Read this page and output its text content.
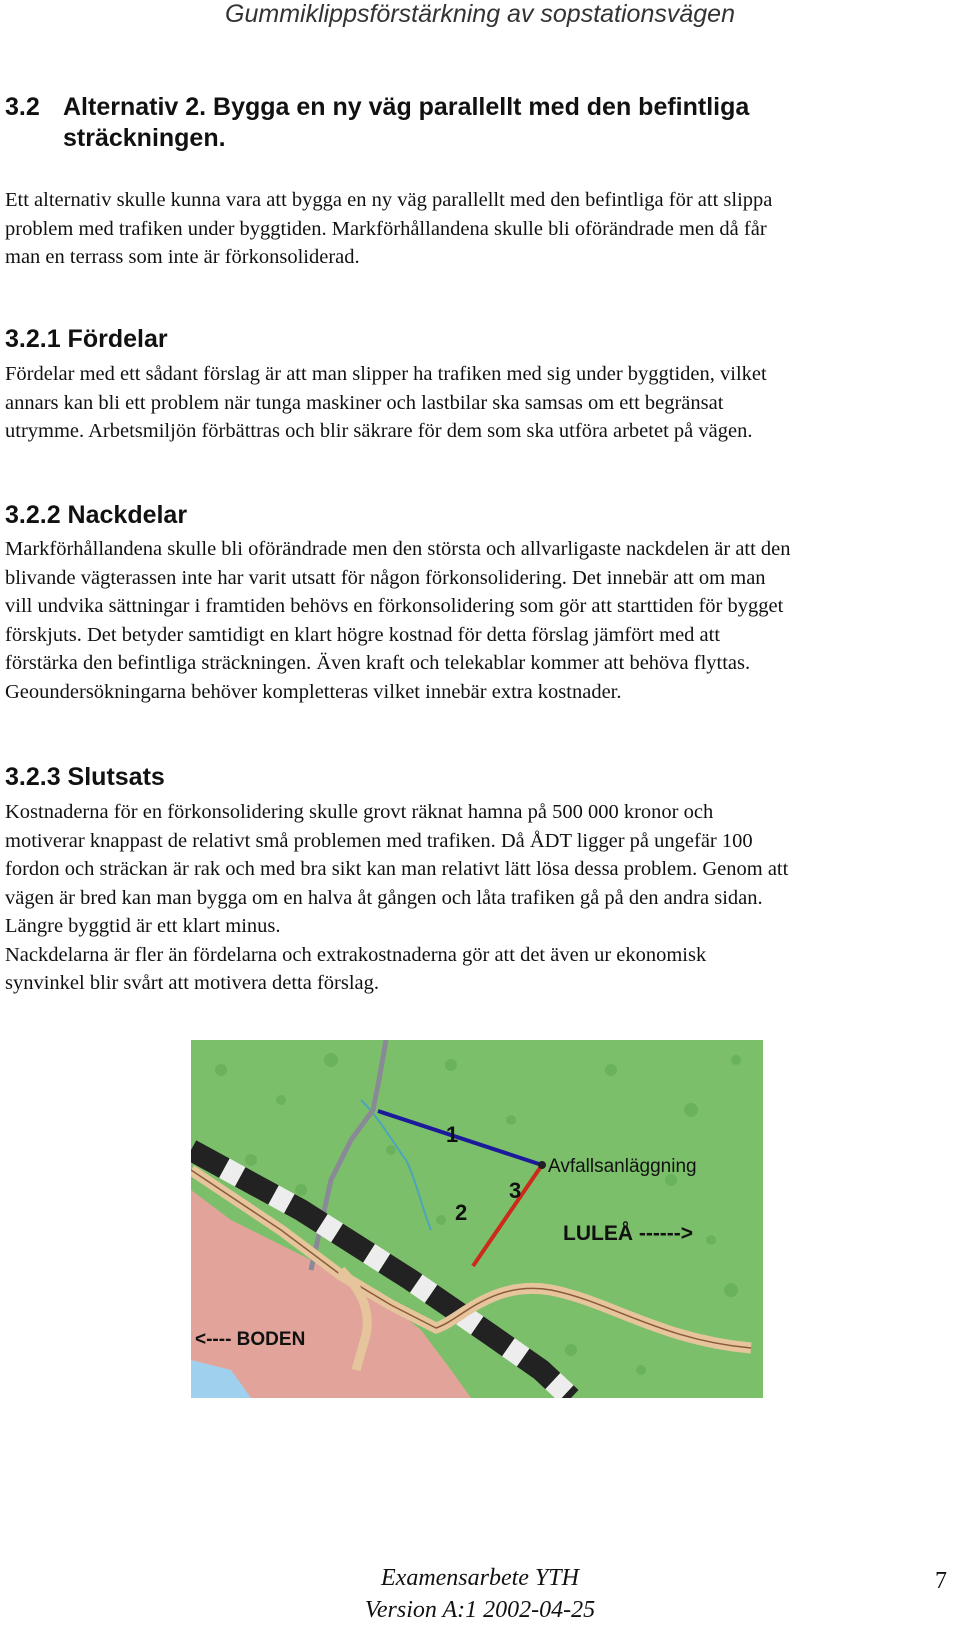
Gummiklippsförstärkning av sopstationsvägen
3.2 Alternativ 2. Bygga en ny väg parallellt med den befintliga
sträckningen.
Ett alternativ skulle kunna vara att bygga en ny väg parallellt med den befintliga för att slippa
problem med trafiken under byggtiden. Markförhållandena skulle bli oförändrade men då får
man en terrass som inte är förkonsoliderad.
3.2.1 Fördelar
Fördelar med ett sådant förslag är att man slipper ha trafiken med sig under byggtiden, vilket
annars kan bli ett problem när tunga maskiner och lastbilar ska samsas om ett begränsat
utrymme. Arbetsmiljön förbättras och blir säkrare för dem som ska utföra arbetet på vägen.
3.2.2 Nackdelar
Markförhållandena skulle bli oförändrade men den största och allvarligaste nackdelen är att den
blivande vägterassen inte har varit utsatt för någon förkonsolidering. Det innebär att om man
vill undvika sättningar i framtiden behövs en förkonsolidering som gör att starttiden för bygget
förskjuts. Det betyder samtidigt en klart högre kostnad för detta förslag jämfört med att
förstärka den befintliga sträckningen. Även kraft och telekablar kommer att behöva flyttas.
Geoundersökningarna behöver kompletteras vilket innebär extra kostnader.
3.2.3 Slutsats
Kostnaderna för en förkonsolidering skulle grovt räknat hamna på 500 000 kronor och
motiverar knappast de relativt små problemen med trafiken. Då ÅDT ligger på ungefär 100
fordon och sträckan är rak och med bra sikt kan man relativt lätt lösa dessa problem. Genom att
vägen är bred kan man bygga om en halva åt gången och låta trafiken gå på den andra sidan.
Längre byggtid är ett klart minus.
Nackdelarna är fler än fördelarna och extrakostnaderna gör att det även ur ekonomisk
synvinkel blir svårt att motivera detta förslag.
1
2
3
Avfallsanläggning
LULEÅ ------>
<---- BODEN
Examensarbete YTH
Version A:1 2002-04-25
7
